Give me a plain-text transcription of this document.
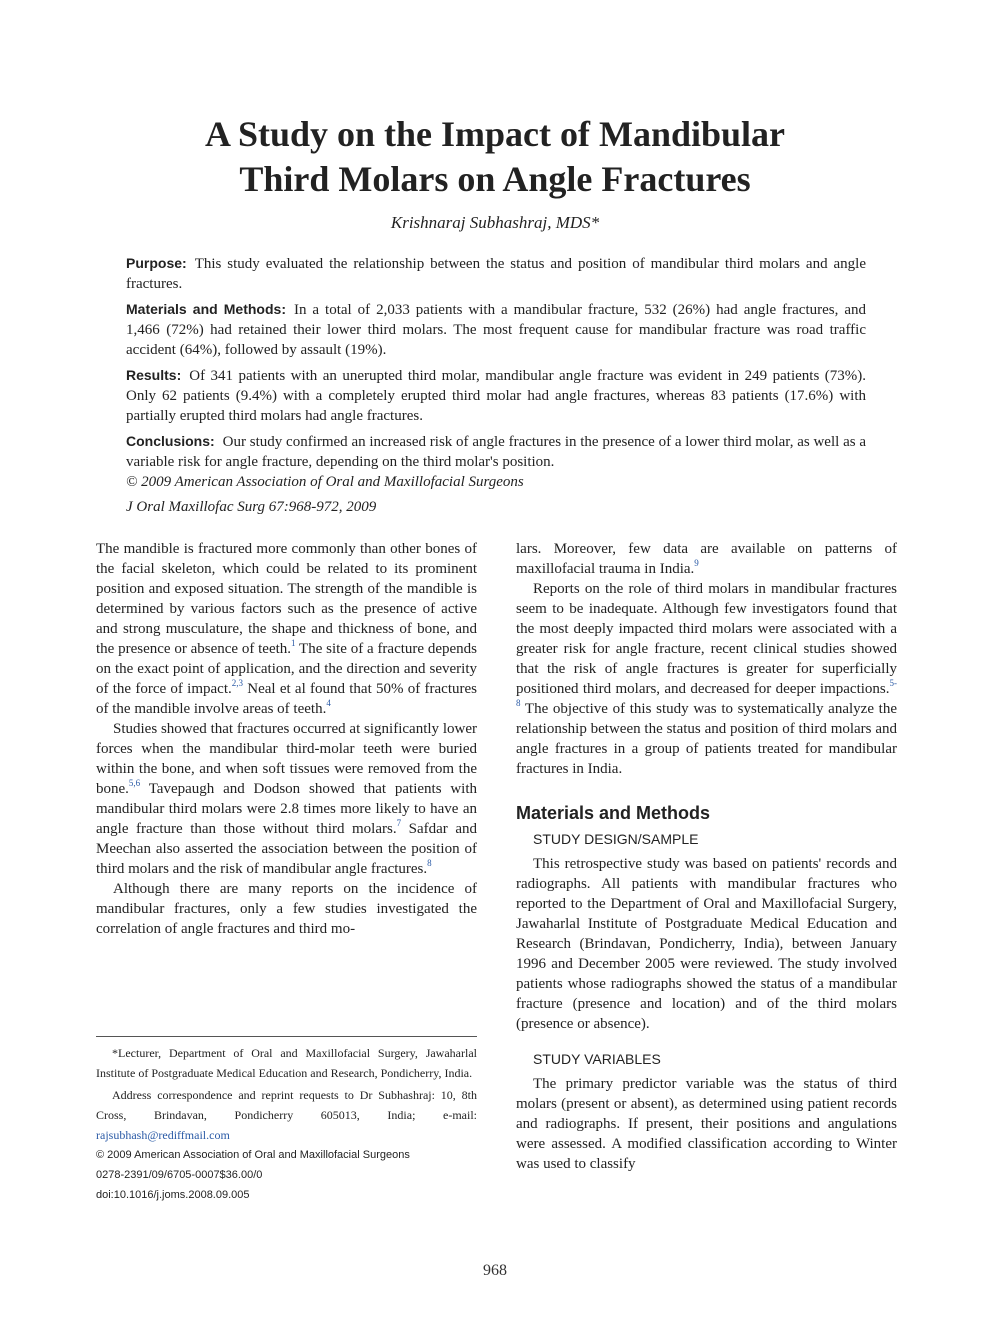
A Study on the Impact of Mandibular
Third Molars on Angle Fractures
Krishnaraj Subhashraj, MDS*

Purpose: This study evaluated the relationship between the status and position of mandibular third molars and angle fractures.

Materials and Methods: In a total of 2,033 patients with a mandibular fracture, 532 (26%) had angle fractures, and 1,466 (72%) had retained their lower third molars. The most frequent cause for mandibular fracture was road traffic accident (64%), followed by assault (19%).

Results: Of 341 patients with an unerupted third molar, mandibular angle fracture was evident in 249 patients (73%). Only 62 patients (9.4%) with a completely erupted third molar had angle fractures, whereas 83 patients (17.6%) with partially erupted third molars had angle fractures.

Conclusions: Our study confirmed an increased risk of angle fractures in the presence of a lower third molar, as well as a variable risk for angle fracture, depending on the third molar's position.

© 2009 American Association of Oral and Maxillofacial Surgeons

J Oral Maxillofac Surg 67:968-972, 2009

The mandible is fractured more commonly than other bones of the facial skeleton, which could be related to its prominent position and exposed situation. The strength of the mandible is determined by various factors such as the presence of active and strong musculature, the shape and thickness of bone, and the presence or absence of teeth.$^1$ The site of a fracture depends on the exact point of application, and the direction and severity of the force of impact.$^{2,3}$ Neal et al found that 50% of fractures of the mandible involve areas of teeth.$^4$

Studies showed that fractures occurred at significantly lower forces when the mandibular third-molar teeth were buried within the bone, and when soft tissues were removed from the bone.$^{5,6}$ Tavepaugh and Dodson showed that patients with mandibular third molars were 2.8 times more likely to have an angle fracture than those without third molars.$^7$ Safdar and Meechan also asserted the association between the position of third molars and the risk of mandibular angle fractures.$^8$

Although there are many reports on the incidence of mandibular fractures, only a few studies investigated the correlation of angle fractures and third mo-

*Lecturer, Department of Oral and Maxillofacial Surgery, Jawaharlal Institute of Postgraduate Medical Education and Research, Pondicherry, India.

Address correspondence and reprint requests to Dr Subhashraj: 10, 8th Cross, Brindavan, Pondicherry 605013, India; e-mail: rajsubhash@rediffmail.com

© 2009 American Association of Oral and Maxillofacial Surgeons

0278-2391/09/6705-0007$36.00/0

doi:10.1016/j.joms.2008.09.005

lars. Moreover, few data are available on patterns of maxillofacial trauma in India.$^9$

Reports on the role of third molars in mandibular fractures seem to be inadequate. Although few investigators found that the most deeply impacted third molars were associated with a greater risk for angle fracture, recent clinical studies showed that the risk of angle fractures is greater for superficially positioned third molars, and decreased for deeper impactions.$^{5-8}$ The objective of this study was to systematically analyze the relationship between the status and position of third molars and angle fractures in a group of patients treated for mandibular fractures in India.

Materials and Methods
STUDY DESIGN/SAMPLE

This retrospective study was based on patients' records and radiographs. All patients with mandibular fractures who reported to the Department of Oral and Maxillofacial Surgery, Jawaharlal Institute of Postgraduate Medical Education and Research (Brindavan, Pondicherry, India), between January 1996 and December 2005 were reviewed. The study involved patients whose radiographs showed the status of a mandibular fracture (presence and location) and of the third molars (presence or absence).

STUDY VARIABLES

The primary predictor variable was the status of third molars (present or absent), as determined using patient records and radiographs. If present, their positions and angulations were assessed. A modified classification according to Winter was used to classify

968
